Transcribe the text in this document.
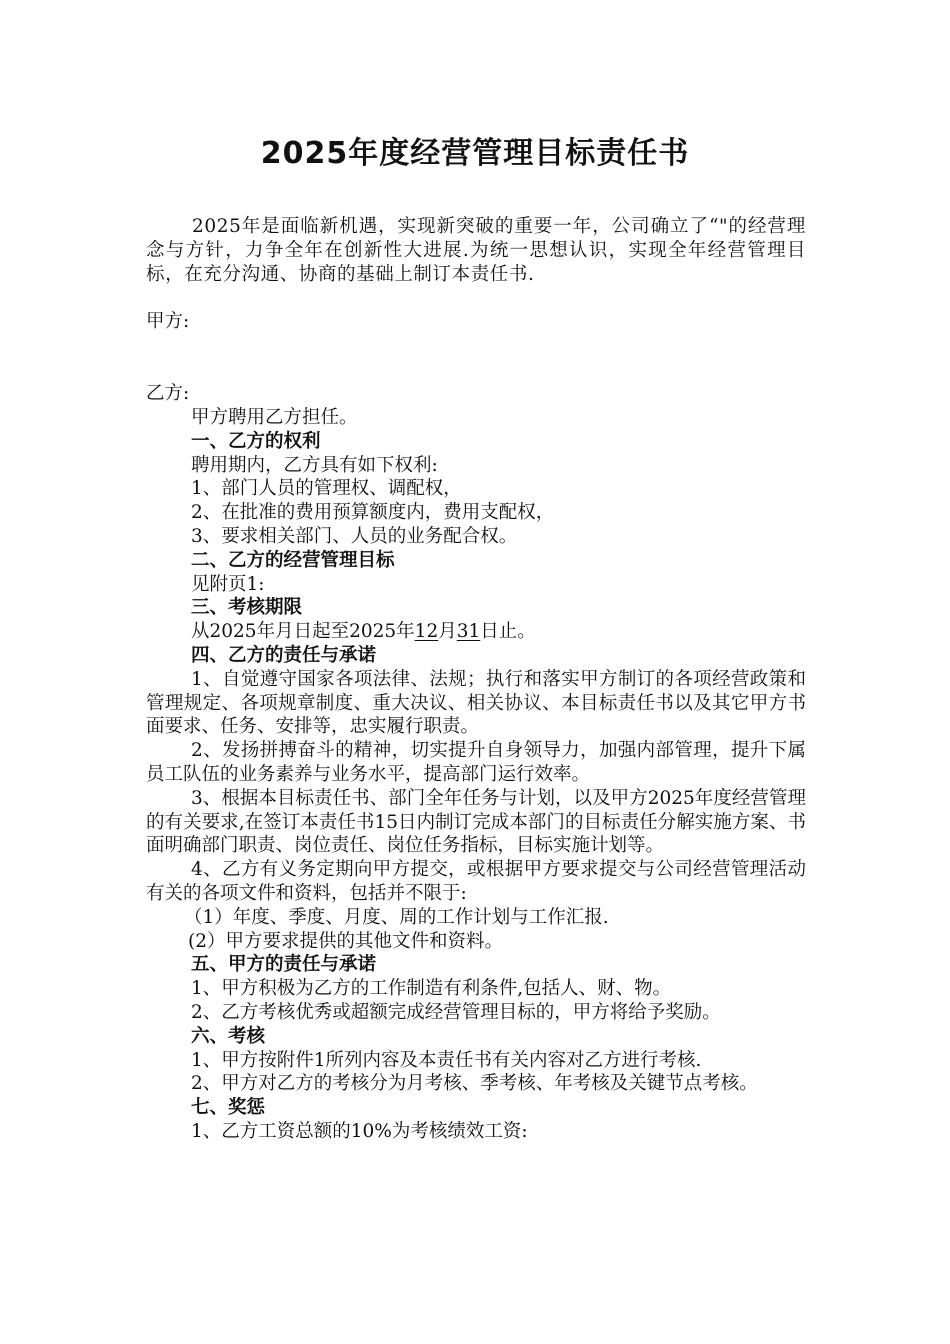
2025年度经营管理目标责任书

2025年是面临新机遇，实现新突破的重要一年，公司确立了“"的经营理念与方针，力争全年在创新性大进展.为统一思想认识，实现全年经营管理目标，在充分沟通、协商的基础上制订本责任书.

甲方:

乙方:

甲方聘用乙方担任。

一、乙方的权利

聘用期内，乙方具有如下权利:

1、部门人员的管理权、调配权，

2、在批准的费用预算额度内，费用支配权，

3、要求相关部门、人员的业务配合权。

二、乙方的经营管理目标

见附页1:

三、考核期限

从2025年月日起至2025年12月31日止。

四、乙方的责任与承诺

1、自觉遵守国家各项法律、法规；执行和落实甲方制订的各项经营政策和管理规定、各项规章制度、重大决议、相关协议、本目标责任书以及其它甲方书面要求、任务、安排等，忠实履行职责。

2、发扬拼搏奋斗的精神，切实提升自身领导力，加强内部管理，提升下属员工队伍的业务素养与业务水平，提高部门运行效率。

3、根据本目标责任书、部门全年任务与计划，以及甲方2025年度经营管理的有关要求,在签订本责任书15日内制订完成本部门的目标责任分解实施方案、书面明确部门职责、岗位责任、岗位任务指标，目标实施计划等。

4、乙方有义务定期向甲方提交，或根据甲方要求提交与公司经营管理活动有关的各项文件和资料，包括并不限于:

（1）年度、季度、月度、周的工作计划与工作汇报.

(2）甲方要求提供的其他文件和资料。

五、甲方的责任与承诺

1、甲方积极为乙方的工作制造有利条件,包括人、财、物。

2、乙方考核优秀或超额完成经营管理目标的，甲方将给予奖励。

六、考核

1、甲方按附件1所列内容及本责任书有关内容对乙方进行考核.

2、甲方对乙方的考核分为月考核、季考核、年考核及关键节点考核。

七、奖惩

1、乙方工资总额的10%为考核绩效工资:
